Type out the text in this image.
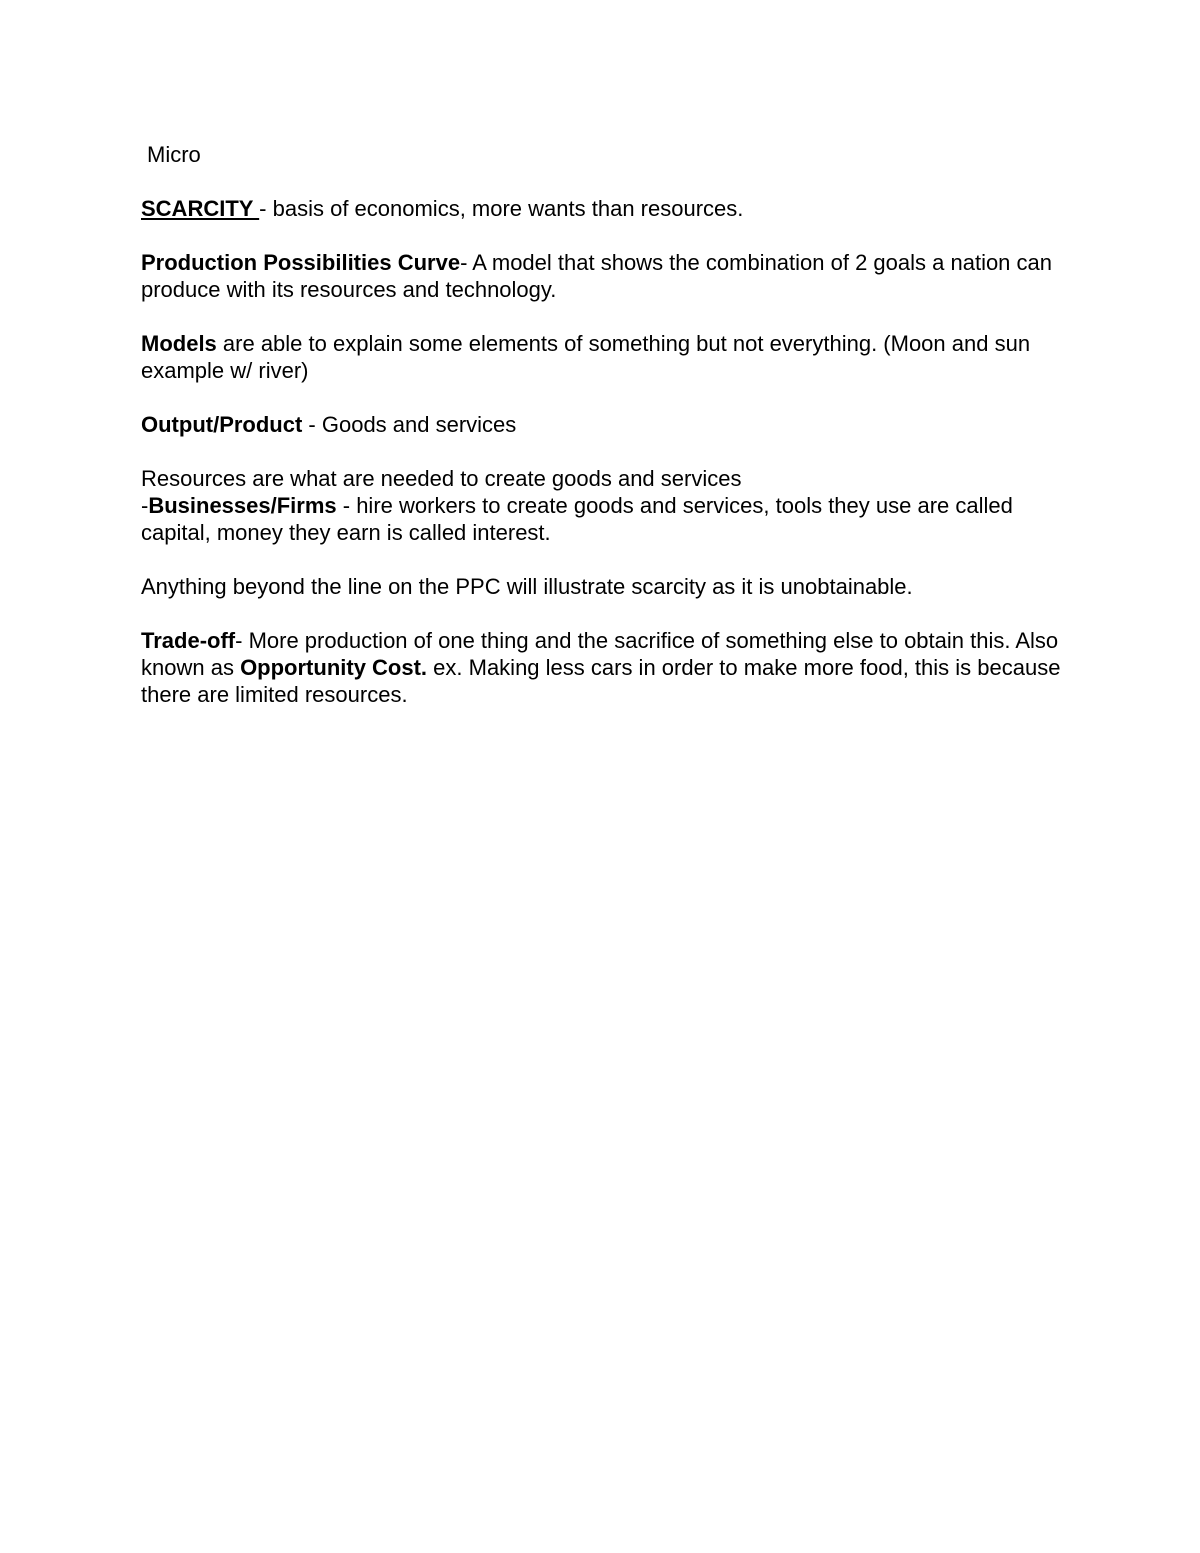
Micro

SCARCITY - basis of economics, more wants than resources.

Production Possibilities Curve- A model that shows the combination of 2 goals a nation can produce with its resources and technology.

Models are able to explain some elements of something but not everything. (Moon and sun example w/ river)

Output/Product - Goods and services

Resources are what are needed to create goods and services

-Businesses/Firms - hire workers to create goods and services, tools they use are called capital, money they earn is called interest.

Anything beyond the line on the PPC will illustrate scarcity as it is unobtainable.

Trade-off- More production of one thing and the sacrifice of something else to obtain this. Also known as Opportunity Cost. ex. Making less cars in order to make more food, this is because there are limited resources.
